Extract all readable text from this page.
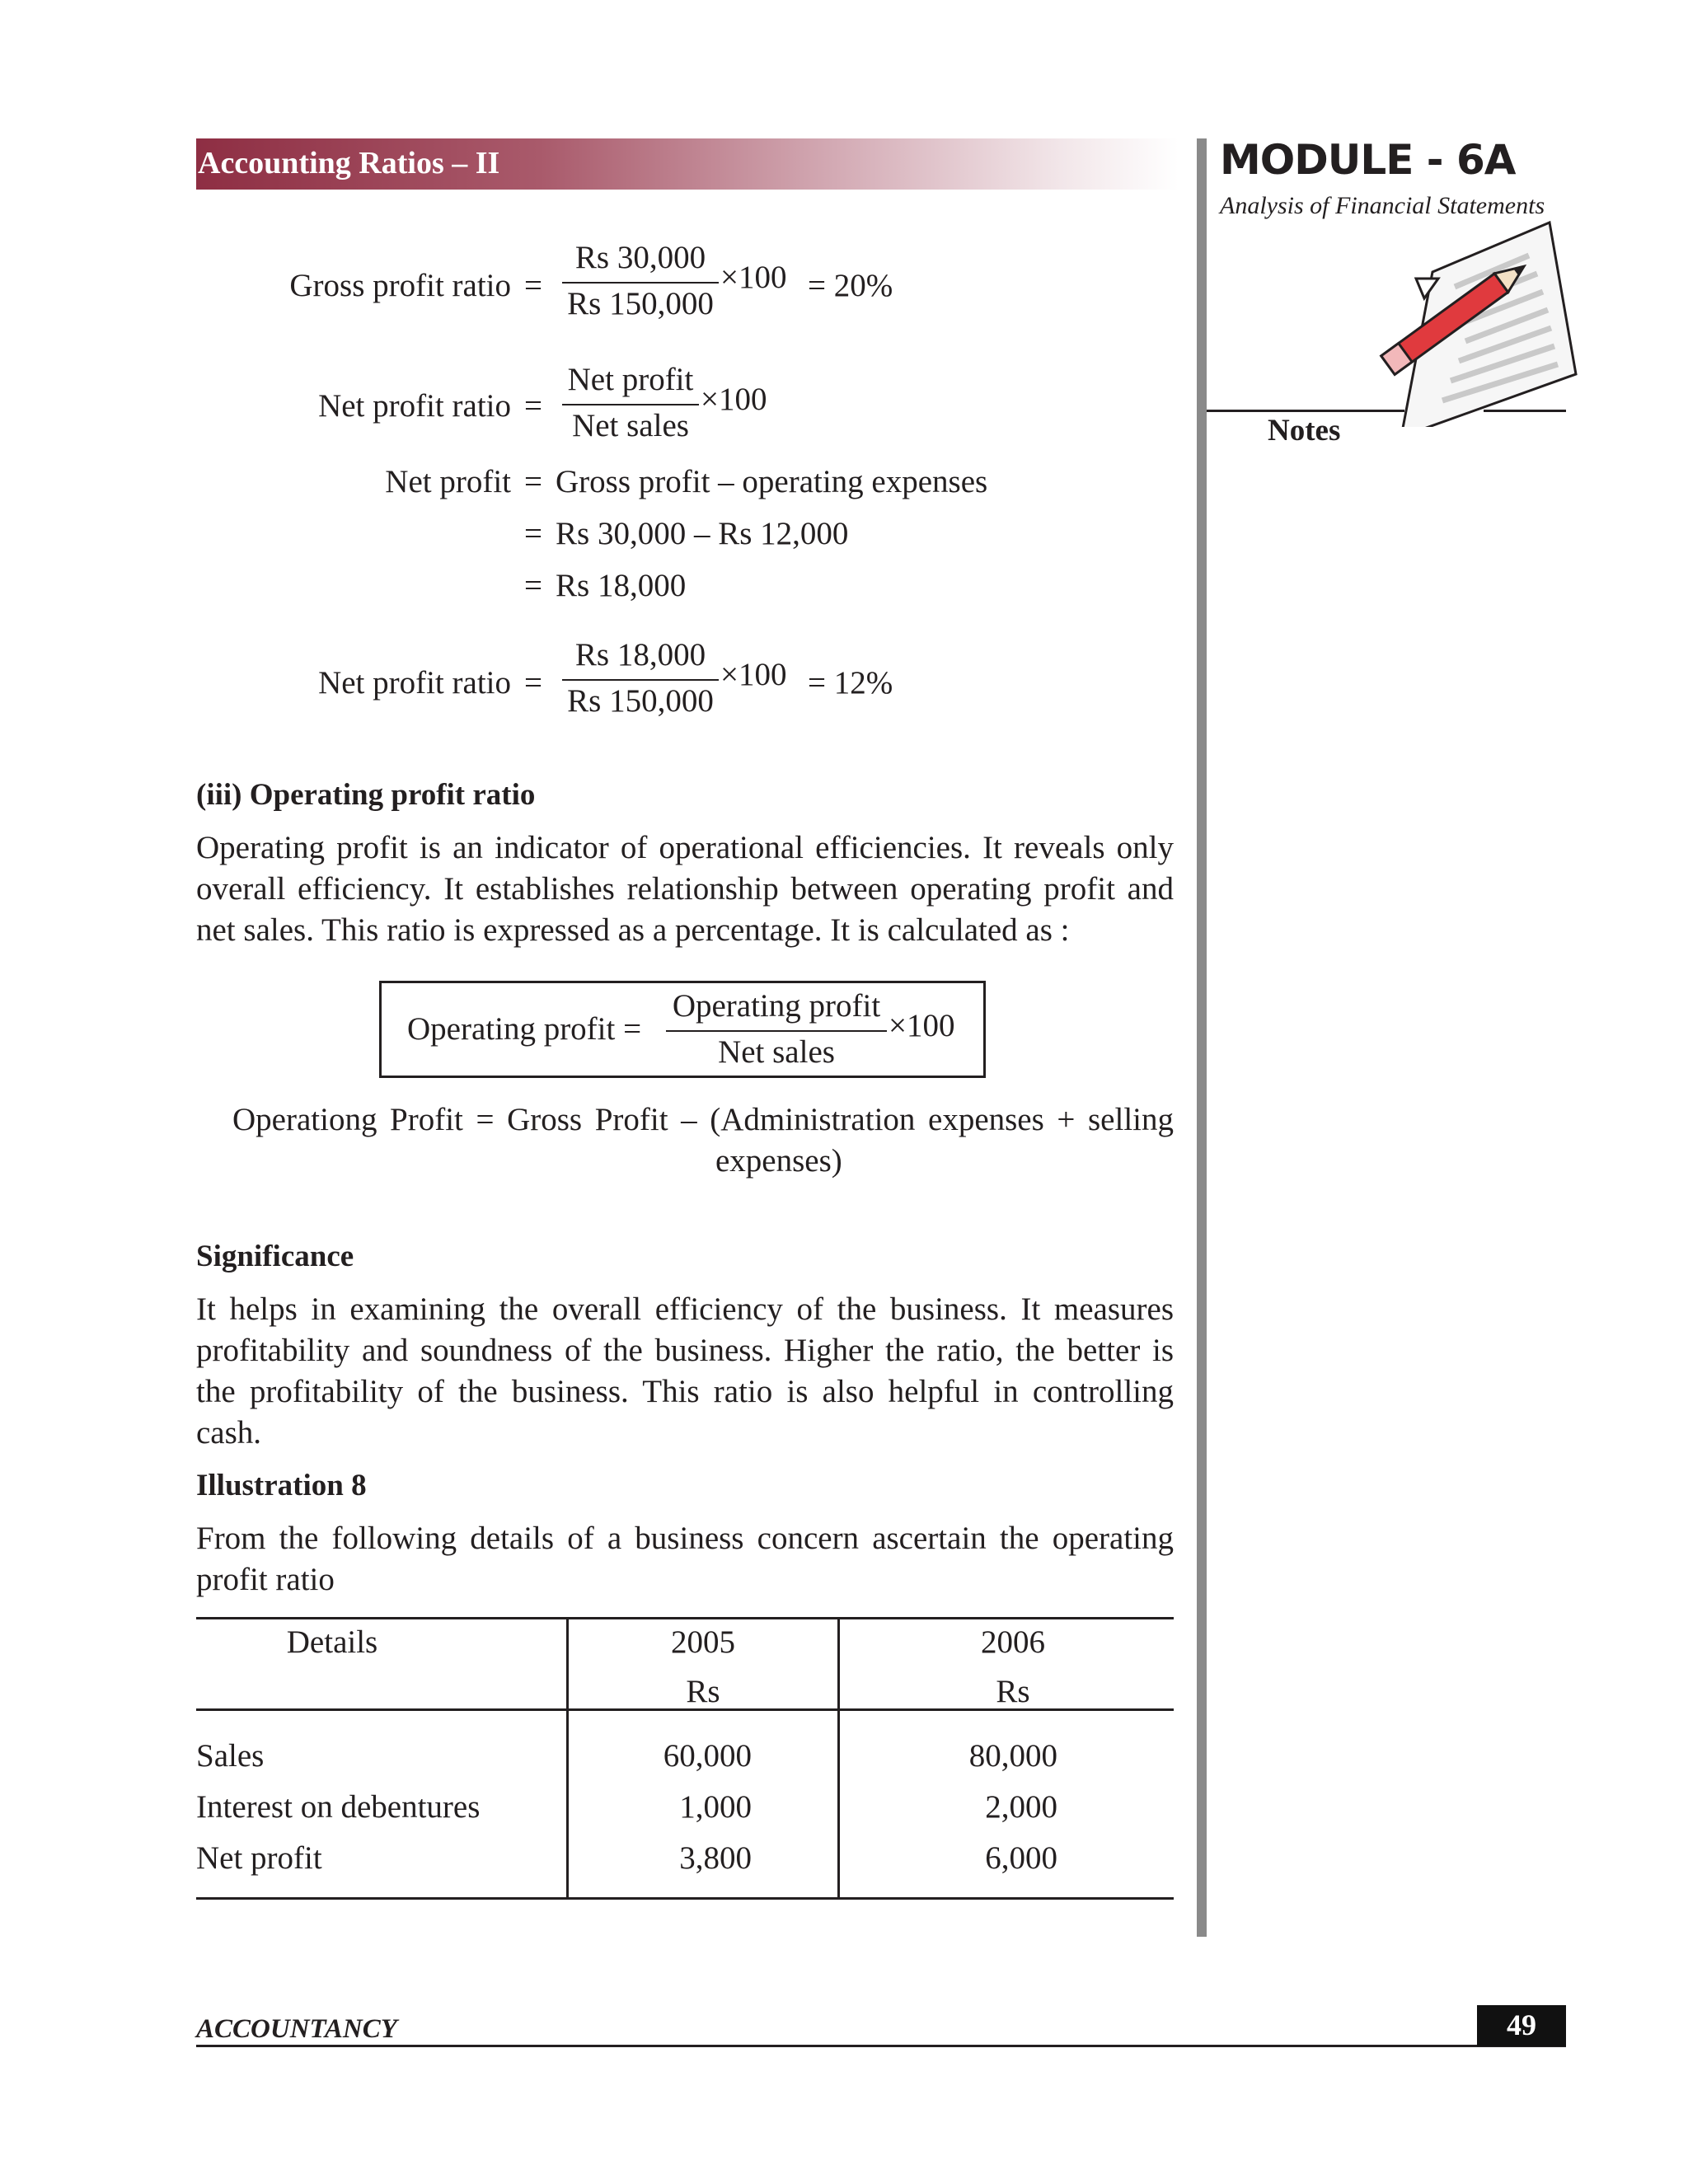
Accounting Ratios – II	MODULE - 6A
Analysis of Financial Statements
Notes
Gross profit ratio =
Rs 30,000
Rs 150,000
×100 = 20%
Net profit ratio =
Net profit
Net sales
×100
Net profit = Gross profit – operating expenses
= Rs 30,000 – Rs 12,000
= Rs 18,000
Net profit ratio =
Rs 18,000
Rs 150,000
×100 = 12%
(iii) Operating profit ratio
Operating profit is an indicator of operational efficiencies. It reveals only
overall efficiency. It establishes relationship between operating profit and
net sales. This ratio is expressed as a percentage. It is calculated as :
Operating profit =
Operating profit
Net sales
×100
Operationg Profit = Gross Profit – (Administration expenses + selling
expenses)
Significance
It helps in examining the overall efficiency of the business. It measures
profitability and soundness of the business. Higher the ratio, the better is
the profitability of the business. This ratio is also helpful in controlling cash.
Illustration 8
From the following details of a business concern ascertain the operating
profit ratio
Details	2005	2006
Rs	Rs
Sales	60,000	80,000
Interest on debentures	1,000	2,000
Net profit	3,800	6,000
ACCOUNTANCY	49
